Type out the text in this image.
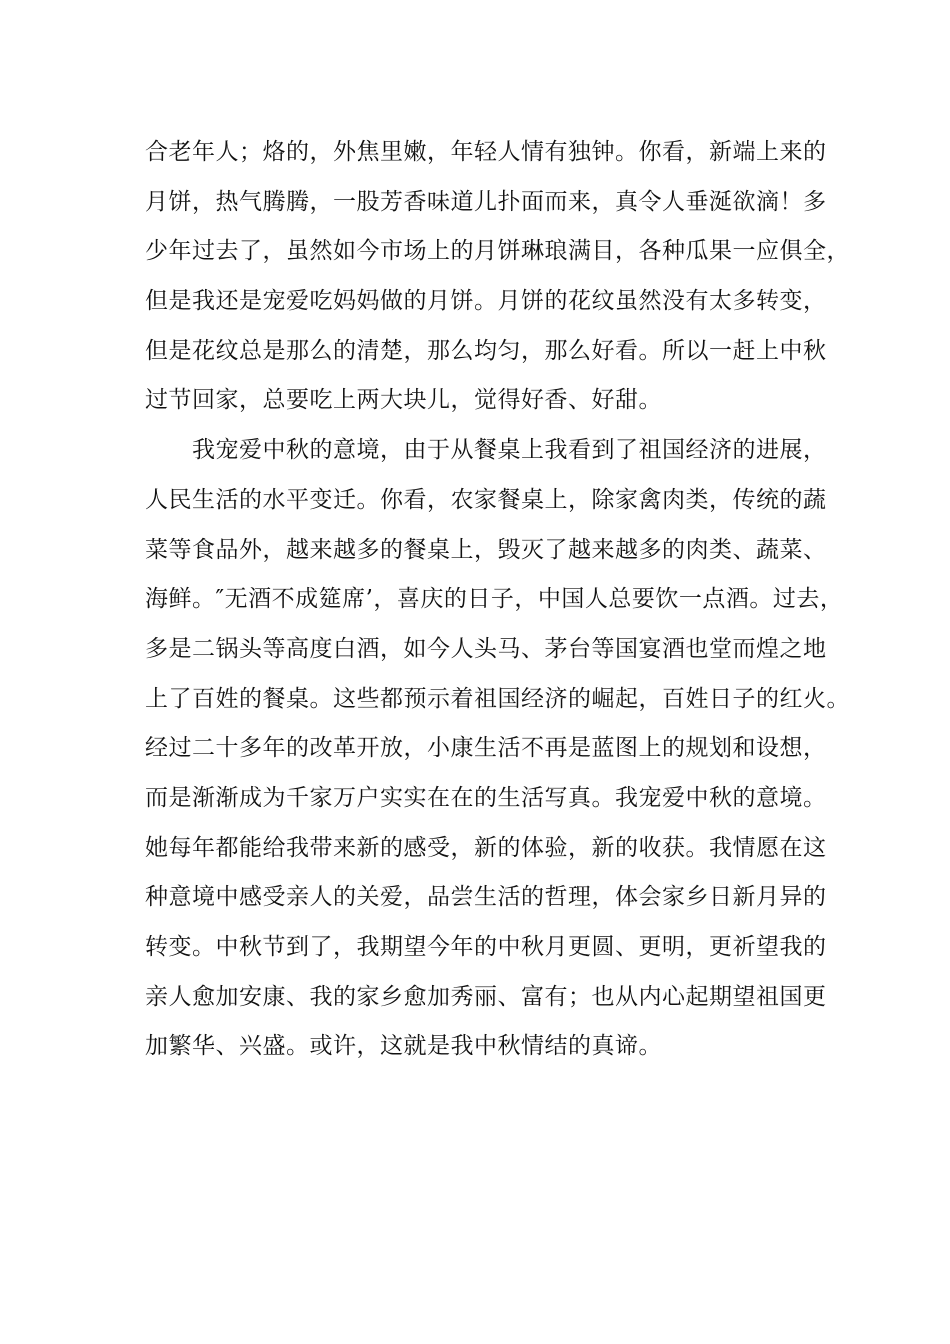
合老年人；烙的，外焦里嫩，年轻人情有独钟。你看，新端上来的
月饼，热气腾腾，一股芳香味道儿扑面而来，真令人垂涎欲滴！多
少年过去了，虽然如今市场上的月饼琳琅满目，各种瓜果一应俱全，
但是我还是宠爱吃妈妈做的月饼。月饼的花纹虽然没有太多转变，
但是花纹总是那么的清楚，那么均匀，那么好看。所以一赶上中秋
过节回家，总要吃上两大块儿，觉得好香、好甜。
我宠爱中秋的意境，由于从餐桌上我看到了祖国经济的进展，
人民生活的水平变迁。你看，农家餐桌上，除家禽肉类，传统的蔬
菜等食品外，越来越多的餐桌上，毁灭了越来越多的肉类、蔬菜、
海鲜。″无酒不成筵席’，喜庆的日子，中国人总要饮一点酒。过去，
多是二锅头等高度白酒，如今人头马、茅台等国宴酒也堂而煌之地
上了百姓的餐桌。这些都预示着祖国经济的崛起，百姓日子的红火。
经过二十多年的改革开放，小康生活不再是蓝图上的规划和设想，
而是渐渐成为千家万户实实在在的生活写真。我宠爱中秋的意境。
她每年都能给我带来新的感受，新的体验，新的收获。我情愿在这
种意境中感受亲人的关爱，品尝生活的哲理，体会家乡日新月异的
转变。中秋节到了，我期望今年的中秋月更圆、更明，更祈望我的
亲人愈加安康、我的家乡愈加秀丽、富有；也从内心起期望祖国更
加繁华、兴盛。或许，这就是我中秋情结的真谛。
